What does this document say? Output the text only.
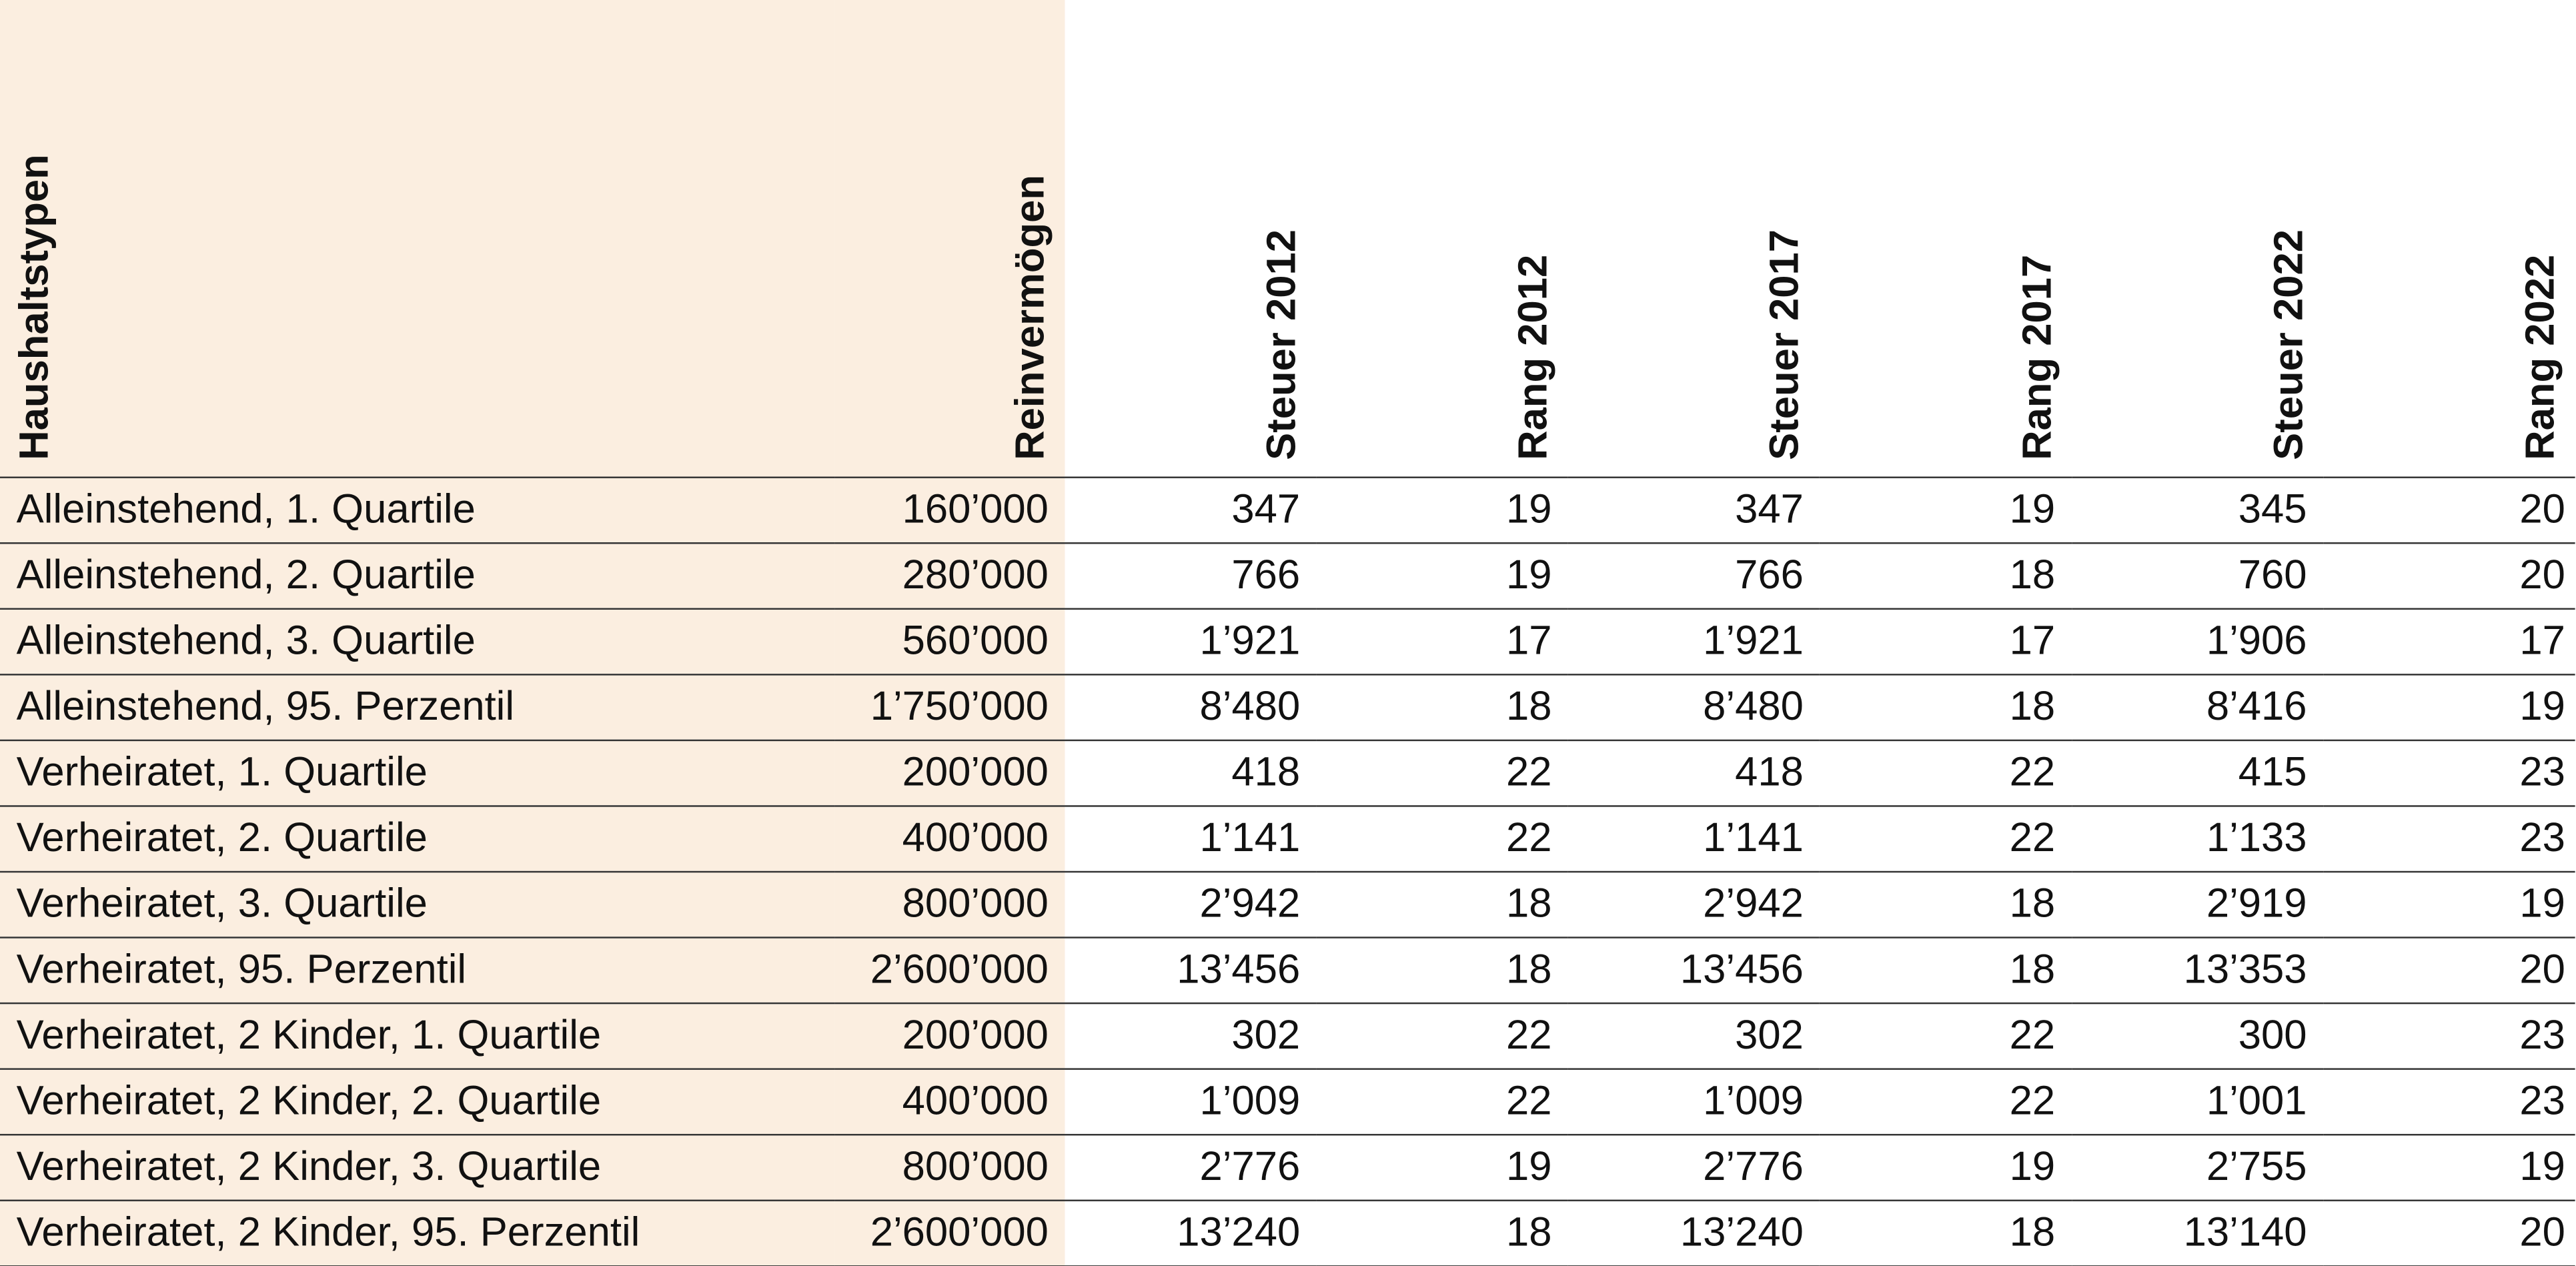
Haushaltstypen	Reinvermögen	Steuer 2012	Rang 2012	Steuer 2017	Rang 2017	Steuer 2022	Rang 2022

Alleinstehend, 1. Quartile	160’000	347	19	347	19	345	20
Alleinstehend, 2. Quartile	280’000	766	19	766	18	760	20
Alleinstehend, 3. Quartile	560’000	1’921	17	1’921	17	1’906	17
Alleinstehend, 95. Perzentil	1’750’000	8’480	18	8’480	18	8’416	19
Verheiratet, 1. Quartile	200’000	418	22	418	22	415	23
Verheiratet, 2. Quartile	400’000	1’141	22	1’141	22	1’133	23
Verheiratet, 3. Quartile	800’000	2’942	18	2’942	18	2’919	19
Verheiratet, 95. Perzentil	2’600’000	13’456	18	13’456	18	13’353	20
Verheiratet, 2 Kinder, 1. Quartile	200’000	302	22	302	22	300	23
Verheiratet, 2 Kinder, 2. Quartile	400’000	1’009	22	1’009	22	1’001	23
Verheiratet, 2 Kinder, 3. Quartile	800’000	2’776	19	2’776	19	2’755	19
Verheiratet, 2 Kinder, 95. Perzentil	2’600’000	13’240	18	13’240	18	13’140	20
